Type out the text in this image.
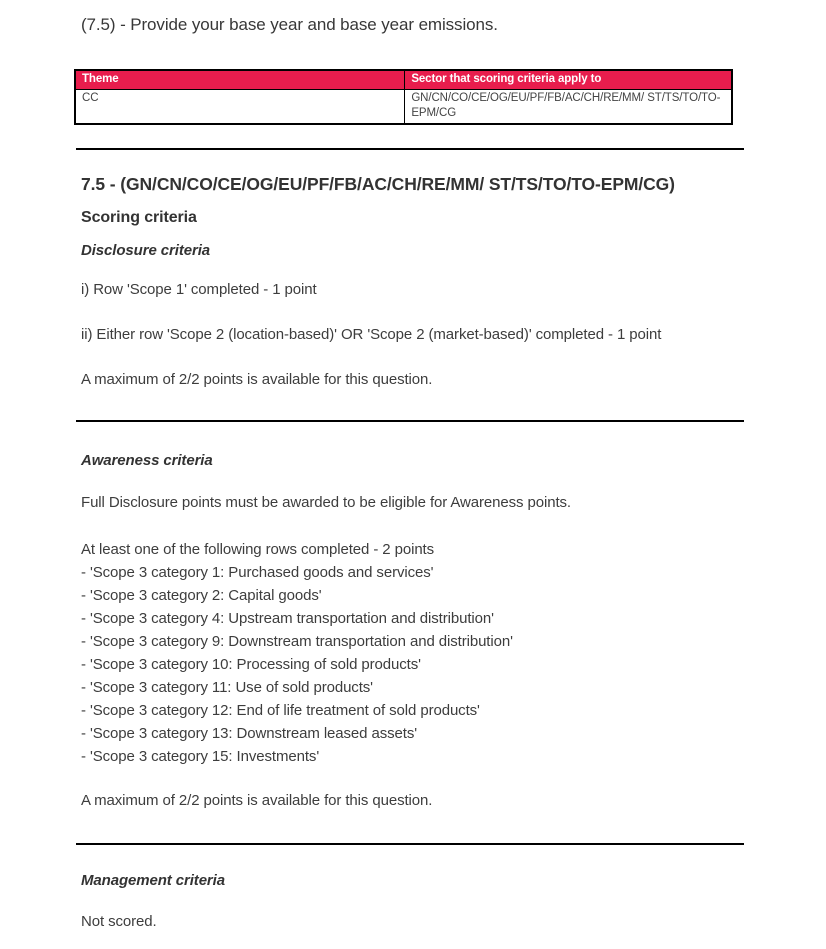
(7.5) - Provide your base year and base year emissions.
Theme	Sector that scoring criteria apply to
CC	GN/CN/CO/CE/OG/EU/PF/FB/AC/CH/RE/MM/ ST/TS/TO/TO-EPM/CG
7.5 - (GN/CN/CO/CE/OG/EU/PF/FB/AC/CH/RE/MM/ ST/TS/TO/TO-EPM/CG)
Scoring criteria
Disclosure criteria
i) Row 'Scope 1' completed - 1 point
ii) Either row 'Scope 2 (location-based)' OR 'Scope 2 (market-based)' completed - 1 point
A maximum of 2/2 points is available for this question.
Awareness criteria
Full Disclosure points must be awarded to be eligible for Awareness points.
At least one of the following rows completed - 2 points
- 'Scope 3 category 1: Purchased goods and services'
- 'Scope 3 category 2: Capital goods'
- 'Scope 3 category 4: Upstream transportation and distribution'
- 'Scope 3 category 9: Downstream transportation and distribution'
- 'Scope 3 category 10: Processing of sold products'
- 'Scope 3 category 11: Use of sold products'
- 'Scope 3 category 12: End of life treatment of sold products'
- 'Scope 3 category 13: Downstream leased assets'
- 'Scope 3 category 15: Investments'
A maximum of 2/2 points is available for this question.
Management criteria
Not scored.
